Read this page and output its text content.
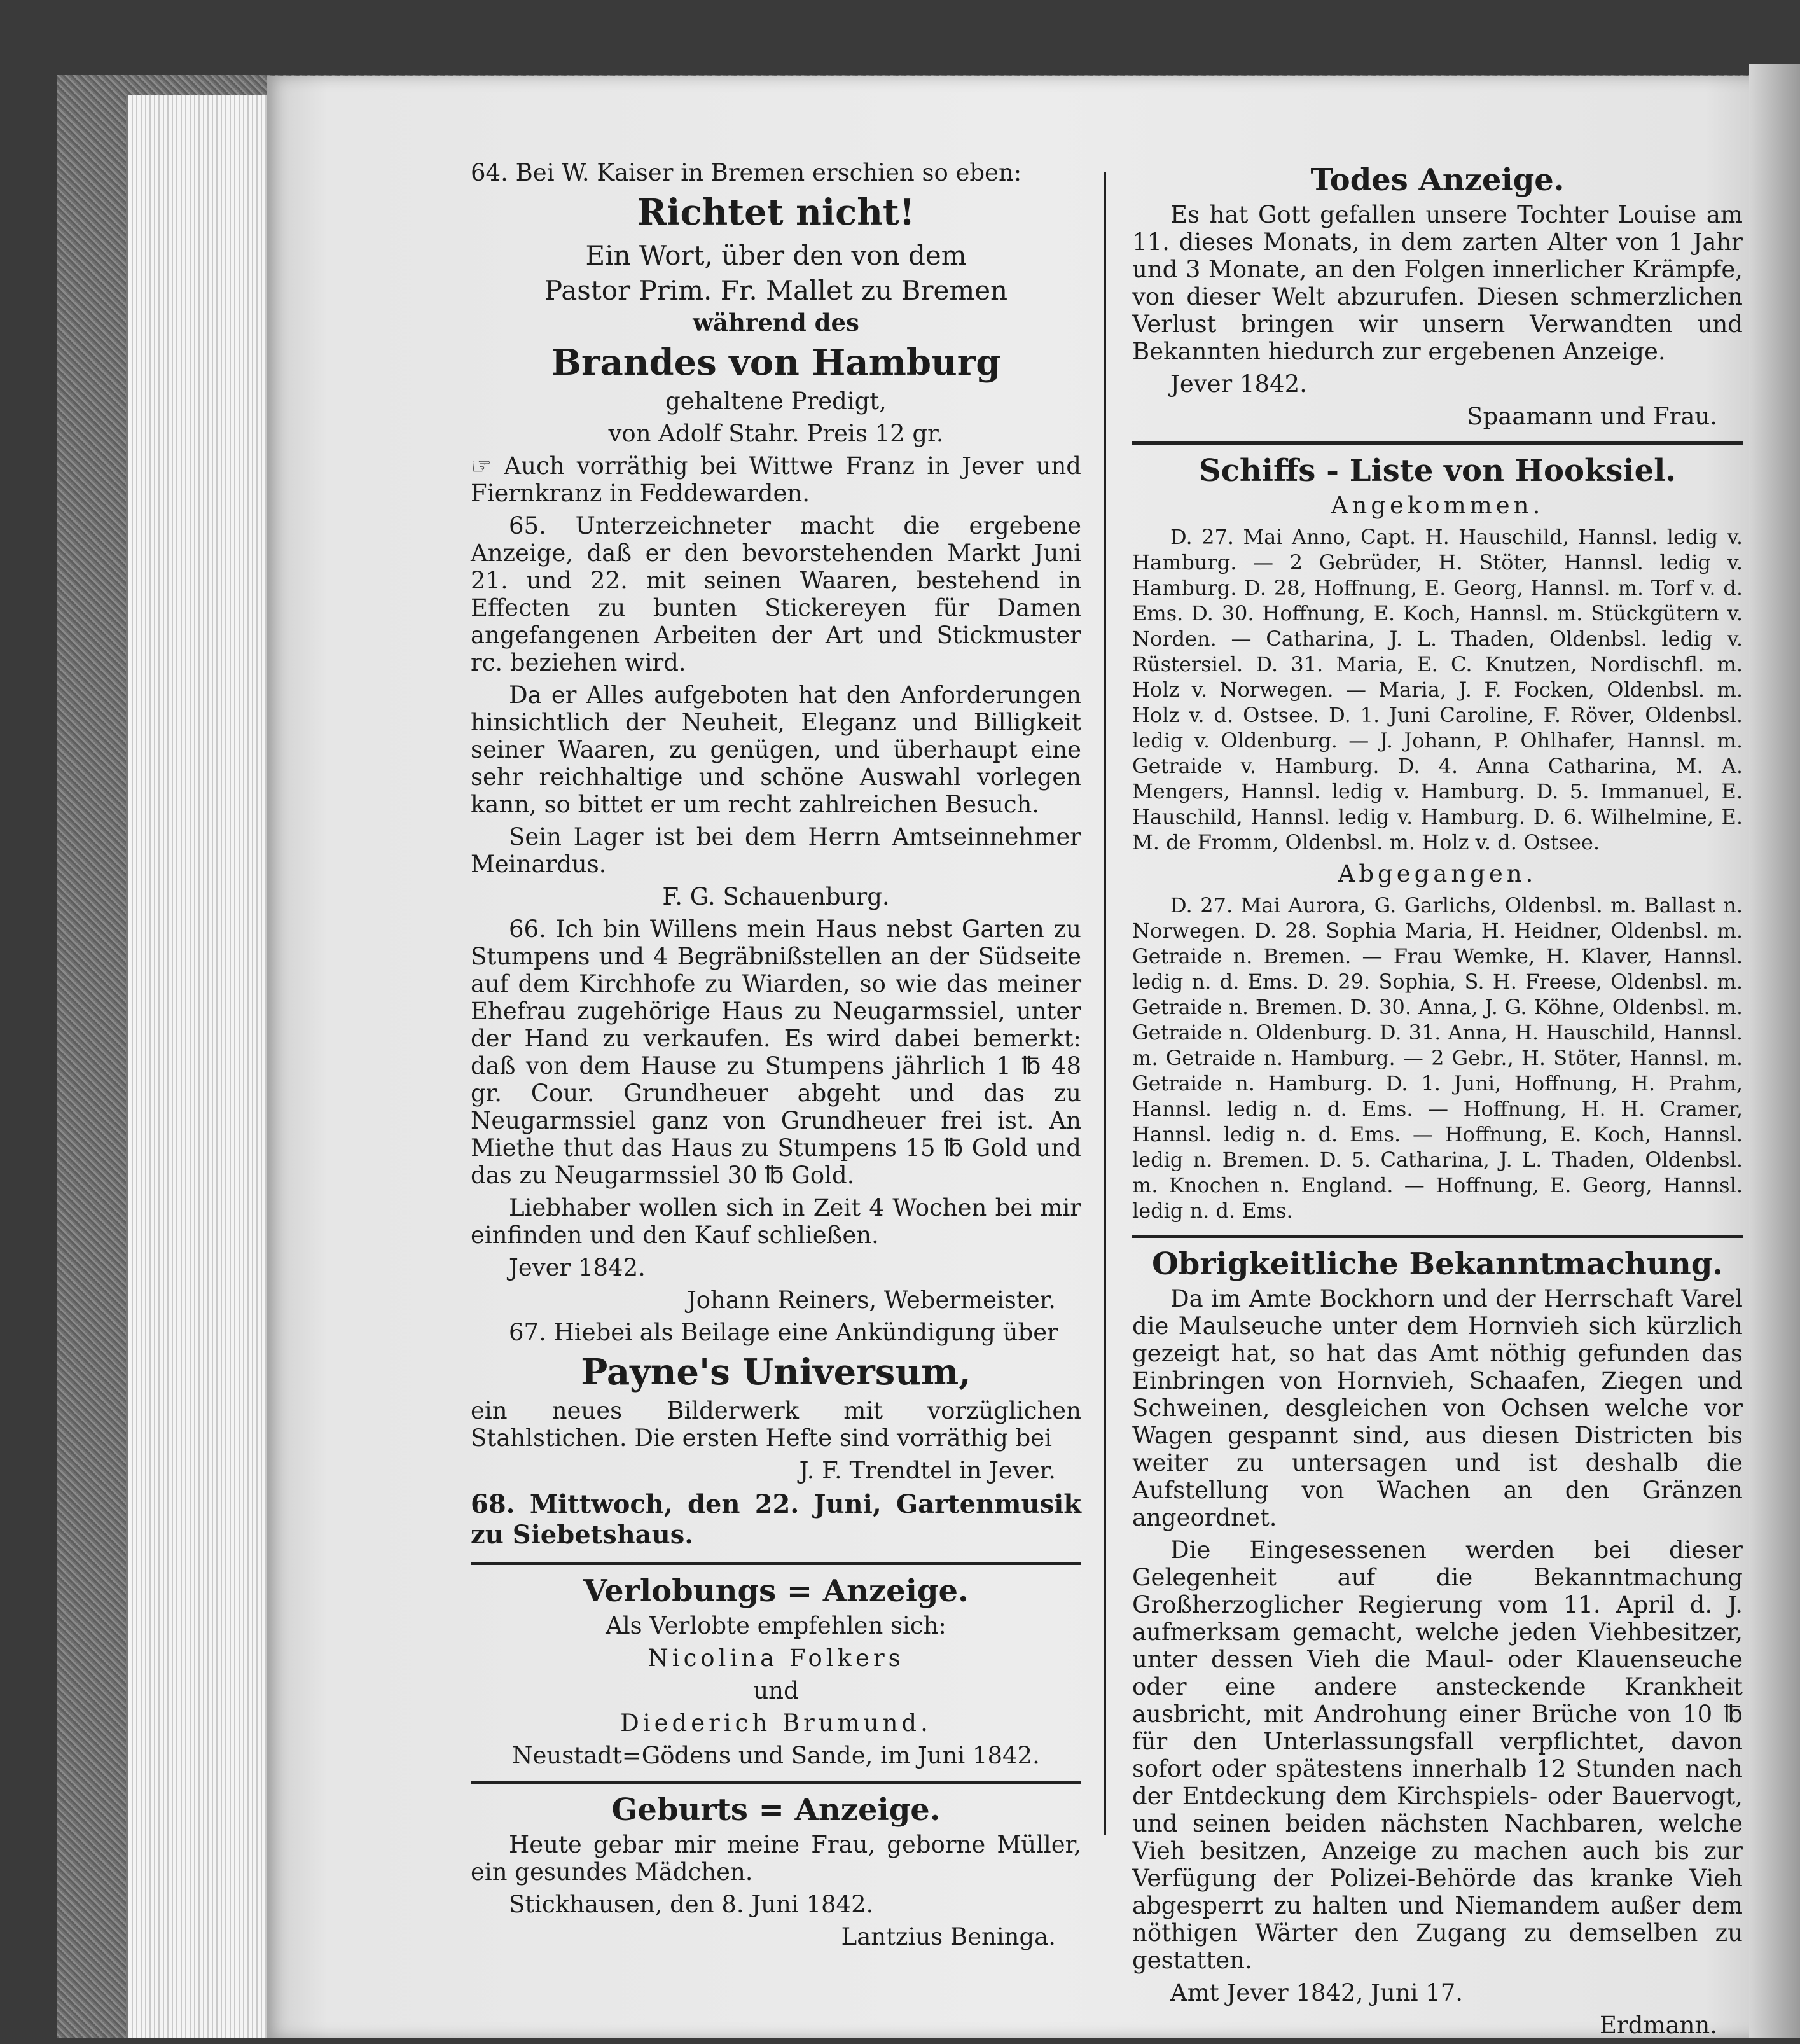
64. Bei W. Kaiser in Bremen erschien so eben:

Richtet nicht!

Ein Wort, über den von dem

Pastor Prim. Fr. Mallet zu Bremen

während des

Brandes von Hamburg

gehaltene Predigt,

von Adolf Stahr. Preis 12 gr.

☞ Auch vorräthig bei Wittwe Franz in Jever und Fiernkranz in Feddewarden.

65. Unterzeichneter macht die ergebene Anzeige, daß er den bevorstehenden Markt Juni 21. und 22. mit seinen Waaren, bestehend in Effecten zu bunten Stickereyen für Damen angefangenen Arbeiten der Art und Stickmuster rc. beziehen wird.

Da er Alles aufgeboten hat den Anforderungen hinsichtlich der Neuheit, Eleganz und Billigkeit seiner Waaren, zu genügen, und überhaupt eine sehr reichhaltige und schöne Auswahl vorlegen kann, so bittet er um recht zahlreichen Besuch.

Sein Lager ist bei dem Herrn Amtseinnehmer Meinardus.

F. G. Schauenburg.

66. Ich bin Willens mein Haus nebst Garten zu Stumpens und 4 Begräbnißstellen an der Südseite auf dem Kirchhofe zu Wiarden, so wie das meiner Ehefrau zugehörige Haus zu Neugarmssiel, unter der Hand zu verkaufen. Es wird dabei bemerkt: daß von dem Hause zu Stumpens jährlich 1 ℔ 48 gr. Cour. Grundheuer abgeht und das zu Neugarmssiel ganz von Grundheuer frei ist. An Miethe thut das Haus zu Stumpens 15 ℔ Gold und das zu Neugarmssiel 30 ℔ Gold.

Liebhaber wollen sich in Zeit 4 Wochen bei mir einfinden und den Kauf schließen.

Jever 1842.

Johann Reiners, Webermeister.

67. Hiebei als Beilage eine Ankündigung über

Payne's Universum,

ein neues Bilderwerk mit vorzüglichen Stahlstichen. Die ersten Hefte sind vorräthig bei

J. F. Trendtel in Jever.

68. Mittwoch, den 22. Juni, Gartenmusik zu Siebetshaus.

Verlobungs = Anzeige.

Als Verlobte empfehlen sich:

Nicolina Folkers

und

Diederich Brumund.

Neustadt=Gödens und Sande, im Juni 1842.

Geburts = Anzeige.

Heute gebar mir meine Frau, geborne Müller, ein gesundes Mädchen.

Stickhausen, den 8. Juni 1842.

Lantzius Beninga.

Todes Anzeige.

Es hat Gott gefallen unsere Tochter Louise am 11. dieses Monats, in dem zarten Alter von 1 Jahr und 3 Monate, an den Folgen innerlicher Krämpfe, von dieser Welt abzurufen. Diesen schmerzlichen Verlust bringen wir unsern Verwandten und Bekannten hiedurch zur ergebenen Anzeige.

Jever 1842.

Spaamann und Frau.

Schiffs - Liste von Hooksiel.

Angekommen.

D. 27. Mai Anno, Capt. H. Hauschild, Hannsl. ledig v. Hamburg. — 2 Gebrüder, H. Stöter, Hannsl. ledig v. Hamburg. D. 28, Hoffnung, E. Georg, Hannsl. m. Torf v. d. Ems. D. 30. Hoffnung, E. Koch, Hannsl. m. Stückgütern v. Norden. — Catharina, J. L. Thaden, Oldenbsl. ledig v. Rüstersiel. D. 31. Maria, E. C. Knutzen, Nordischfl. m. Holz v. Norwegen. — Maria, J. F. Focken, Oldenbsl. m. Holz v. d. Ostsee. D. 1. Juni Caroline, F. Röver, Oldenbsl. ledig v. Oldenburg. — J. Johann, P. Ohlhafer, Hannsl. m. Getraide v. Hamburg. D. 4. Anna Catharina, M. A. Mengers, Hannsl. ledig v. Hamburg. D. 5. Immanuel, E. Hauschild, Hannsl. ledig v. Hamburg. D. 6. Wilhelmine, E. M. de Fromm, Oldenbsl. m. Holz v. d. Ostsee.

Abgegangen.

D. 27. Mai Aurora, G. Garlichs, Oldenbsl. m. Ballast n. Norwegen. D. 28. Sophia Maria, H. Heidner, Oldenbsl. m. Getraide n. Bremen. — Frau Wemke, H. Klaver, Hannsl. ledig n. d. Ems. D. 29. Sophia, S. H. Freese, Oldenbsl. m. Getraide n. Bremen. D. 30. Anna, J. G. Köhne, Oldenbsl. m. Getraide n. Oldenburg. D. 31. Anna, H. Hauschild, Hannsl. m. Getraide n. Hamburg. — 2 Gebr., H. Stöter, Hannsl. m. Getraide n. Hamburg. D. 1. Juni, Hoffnung, H. Prahm, Hannsl. ledig n. d. Ems. — Hoffnung, H. H. Cramer, Hannsl. ledig n. d. Ems. — Hoffnung, E. Koch, Hannsl. ledig n. Bremen. D. 5. Catharina, J. L. Thaden, Oldenbsl. m. Knochen n. England. — Hoffnung, E. Georg, Hannsl. ledig n. d. Ems.

Obrigkeitliche Bekanntmachung.

Da im Amte Bockhorn und der Herrschaft Varel die Maulseuche unter dem Hornvieh sich kürzlich gezeigt hat, so hat das Amt nöthig gefunden das Einbringen von Hornvieh, Schaafen, Ziegen und Schweinen, desgleichen von Ochsen welche vor Wagen gespannt sind, aus diesen Districten bis weiter zu untersagen und ist deshalb die Aufstellung von Wachen an den Gränzen angeordnet.

Die Eingesessenen werden bei dieser Gelegenheit auf die Bekanntmachung Großherzoglicher Regierung vom 11. April d. J. aufmerksam gemacht, welche jeden Viehbesitzer, unter dessen Vieh die Maul- oder Klauenseuche oder eine andere ansteckende Krankheit ausbricht, mit Androhung einer Brüche von 10 ℔ für den Unterlassungsfall verpflichtet, davon sofort oder spätestens innerhalb 12 Stunden nach der Entdeckung dem Kirchspiels- oder Bauervogt, und seinen beiden nächsten Nachbaren, welche Vieh besitzen, Anzeige zu machen auch bis zur Verfügung der Polizei-Behörde das kranke Vieh abgesperrt zu halten und Niemandem außer dem nöthigen Wärter den Zugang zu demselben zu gestatten.

Amt Jever 1842, Juni 17.

Erdmann.
